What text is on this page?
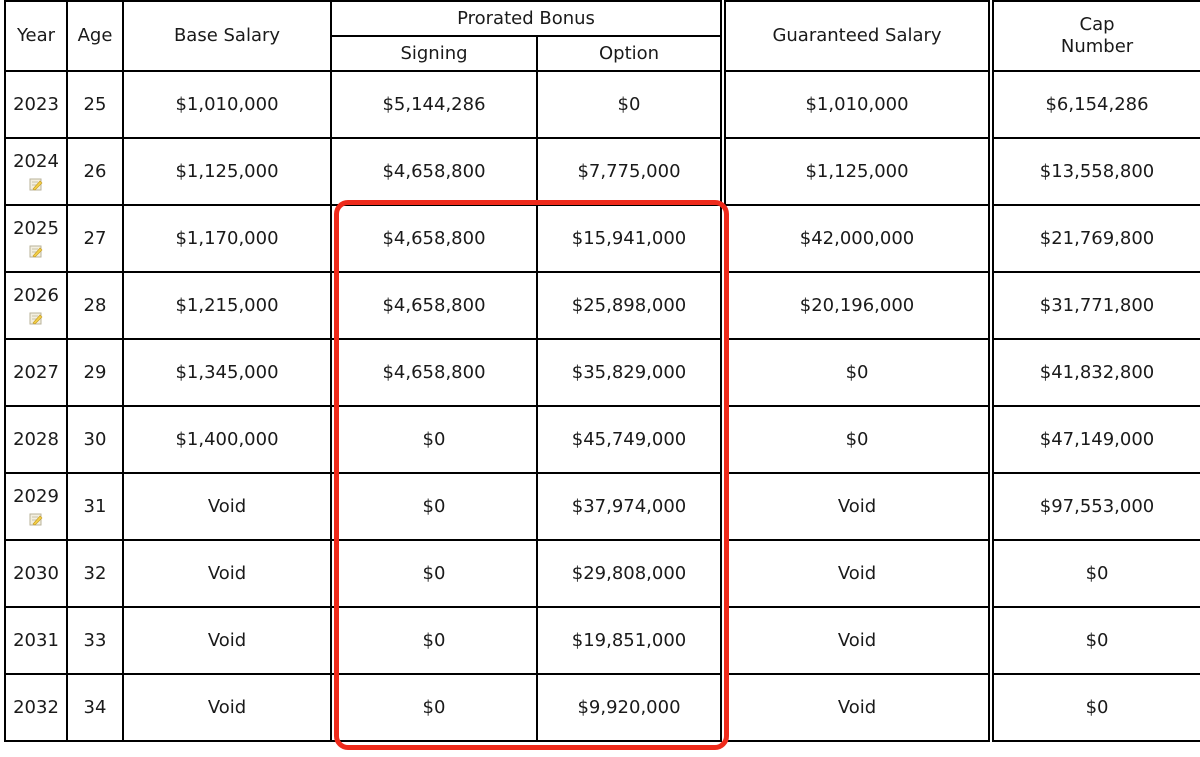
Year	Age	Base Salary	Prorated Bonus		Guaranteed Salary	Cap
Number
			Signing	Option		

2023	25	$1,010,000	$5,144,286	$0	$1,010,000	$6,154,286

2024	26	$1,125,000	$4,658,800	$7,775,000	$1,125,000	$13,558,800

2025	27	$1,170,000	$4,658,800	$15,941,000	$42,000,000	$21,769,800

2026	28	$1,215,000	$4,658,800	$25,898,000	$20,196,000	$31,771,800

2027	29	$1,345,000	$4,658,800	$35,829,000	$0	$41,832,800

2028	30	$1,400,000	$0	$45,749,000	$0	$47,149,000

2029	31	Void	$0	$37,974,000	Void	$97,553,000

2030	32	Void	$0	$29,808,000	Void	$0

2031	33	Void	$0	$19,851,000	Void	$0

2032	34	Void	$0	$9,920,000	Void	$0
